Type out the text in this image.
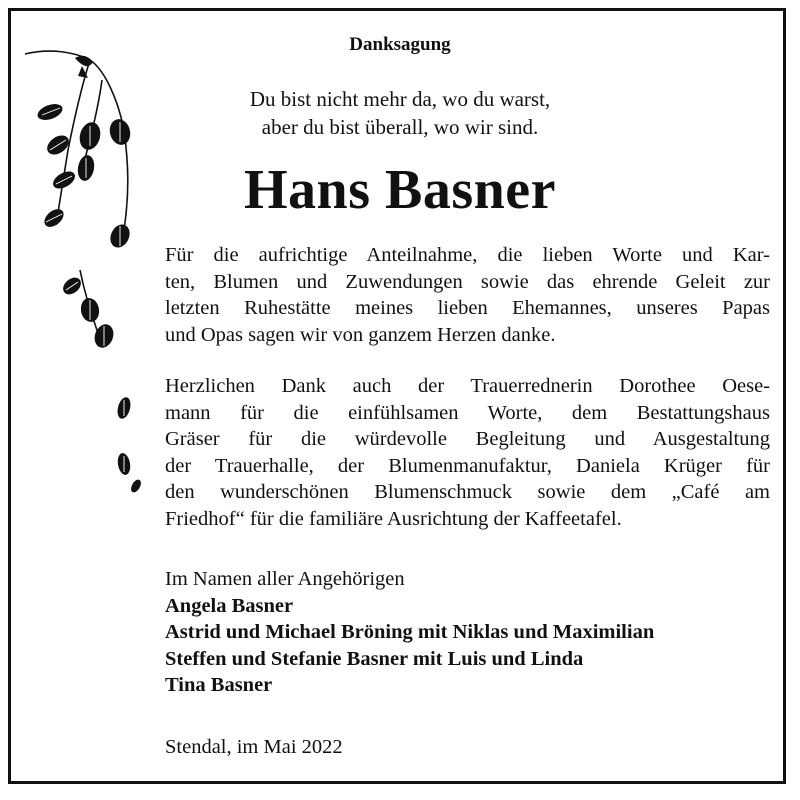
Danksagung
Du bist nicht mehr da, wo du warst,
aber du bist überall, wo wir sind.
Hans Basner
Für die aufrichtige Anteilnahme, die lieben Worte und Kar-
ten, Blumen und Zuwendungen sowie das ehrende Geleit zur
letzten Ruhestätte meines lieben Ehemannes, unseres Papas
und Opas sagen wir von ganzem Herzen danke.
Herzlichen Dank auch der Trauerrednerin Dorothee Oese-
mann für die einfühlsamen Worte, dem Bestattungshaus
Gräser für die würdevolle Begleitung und Ausgestaltung
der Trauerhalle, der Blumenmanufaktur, Daniela Krüger für
den wunderschönen Blumenschmuck sowie dem „Café am
Friedhof“ für die familiäre Ausrichtung der Kaffeetafel.
Im Namen aller Angehörigen
Angela Basner
Astrid und Michael Bröning mit Niklas und Maximilian
Steffen und Stefanie Basner mit Luis und Linda
Tina Basner
Stendal, im Mai 2022
